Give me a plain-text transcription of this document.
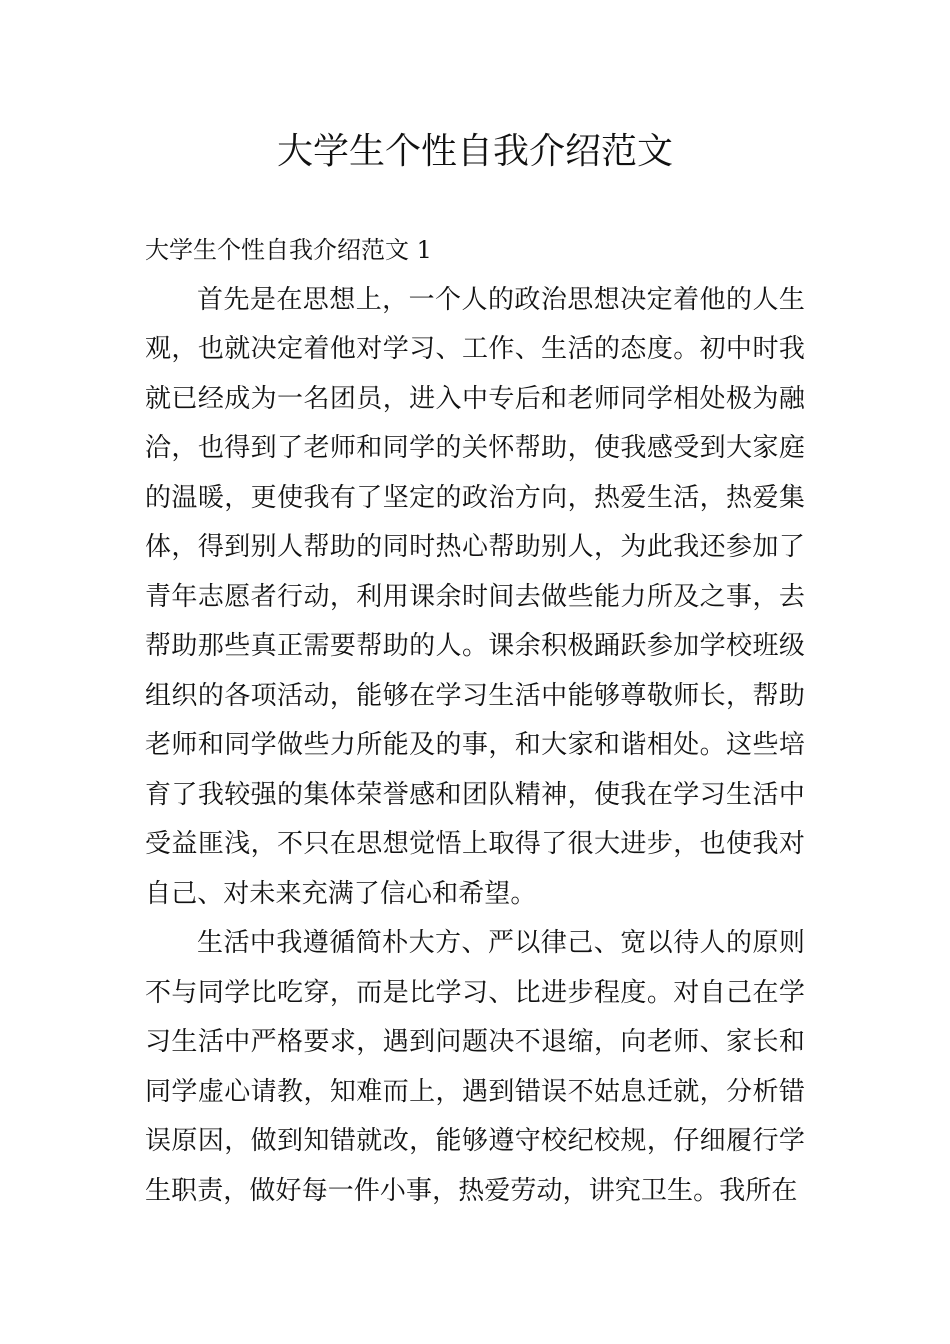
大学生个性自我介绍范文

大学生个性自我介绍范文 1

首先是在思想上，一个人的政治思想决定着他的人生观，也就决定着他对学习、工作、生活的态度。初中时我就已经成为一名团员，进入中专后和老师同学相处极为融洽，也得到了老师和同学的关怀帮助，使我感受到大家庭的温暖，更使我有了坚定的政治方向，热爱生活，热爱集体，得到别人帮助的同时热心帮助别人，为此我还参加了青年志愿者行动，利用课余时间去做些能力所及之事，去帮助那些真正需要帮助的人。课余积极踊跃参加学校班级组织的各项活动，能够在学习生活中能够尊敬师长，帮助老师和同学做些力所能及的事，和大家和谐相处。这些培育了我较强的集体荣誉感和团队精神，使我在学习生活中受益匪浅，不只在思想觉悟上取得了很大进步，也使我对自己、对未来充满了信心和希望。

生活中我遵循简朴大方、严以律己、宽以待人的原则不与同学比吃穿，而是比学习、比进步程度。对自己在学习生活中严格要求，遇到问题决不退缩，向老师、家长和同学虚心请教，知难而上，遇到错误不姑息迁就，分析错误原因，做到知错就改，能够遵守校纪校规，仔细履行学生职责，做好每一件小事，热爱劳动，讲究卫生。我所在
